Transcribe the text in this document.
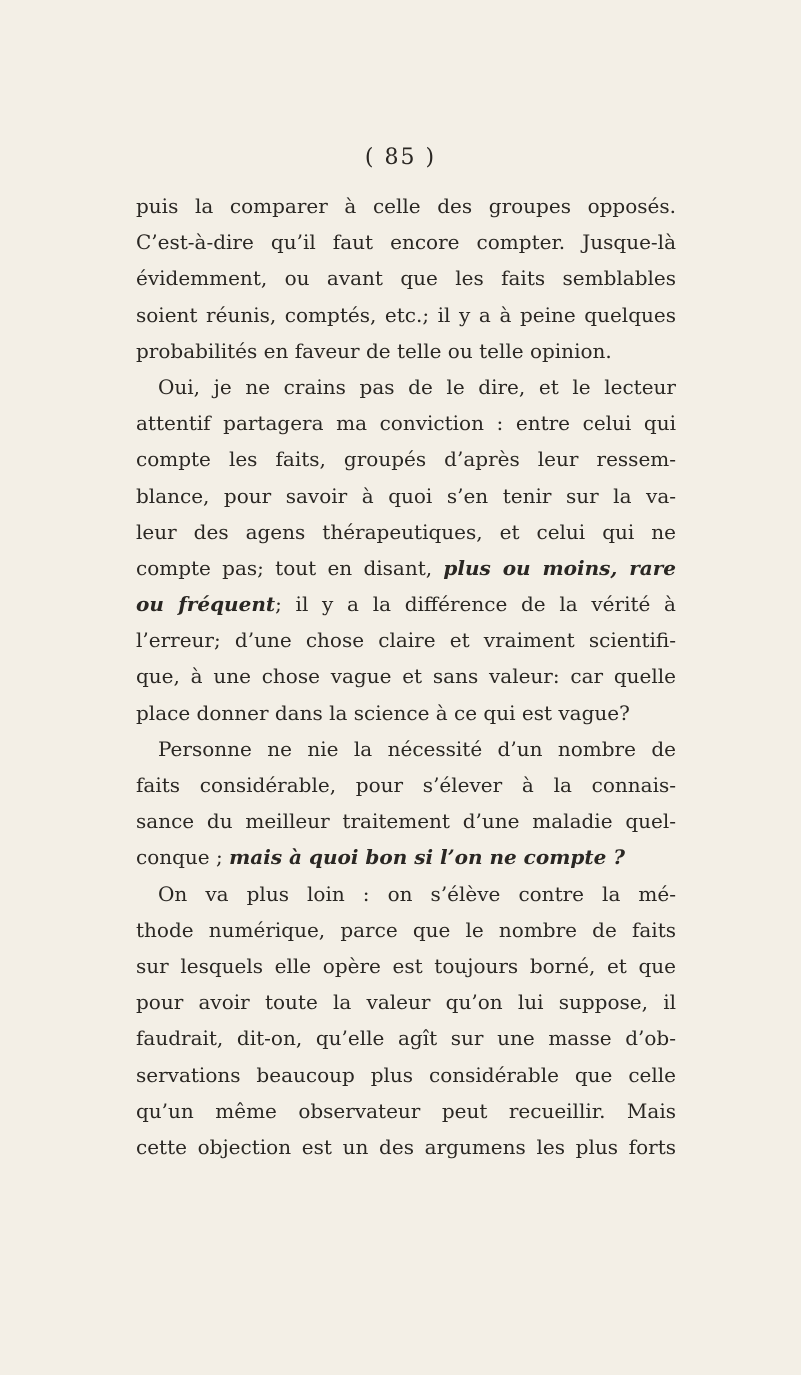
( 85 )
puis la comparer à celle des groupes opposés.
C’est-à-dire qu’il faut encore compter. Jusque-là
évidemment, ou avant que les faits semblables
soient réunis, comptés, etc.; il y a à peine quelques
probabilités en faveur de telle ou telle opinion.
Oui, je ne crains pas de le dire, et le lecteur
attentif partagera ma conviction : entre celui qui
compte les faits, groupés d’après leur ressem-
blance, pour savoir à quoi s’en tenir sur la va-
leur des agens thérapeutiques, et celui qui ne
compte pas; tout en disant, plus ou moins, rare
ou fréquent; il y a la différence de la vérité à
l’erreur; d’une chose claire et vraiment scientifi-
que, à une chose vague et sans valeur: car quelle
place donner dans la science à ce qui est vague?
Personne ne nie la nécessité d’un nombre de
faits considérable, pour s’élever à la connais-
sance du meilleur traitement d’une maladie quel-
conque ; mais à quoi bon si l’on ne compte ?
On va plus loin : on s’élève contre la mé-
thode numérique, parce que le nombre de faits
sur lesquels elle opère est toujours borné, et que
pour avoir toute la valeur qu’on lui suppose, il
faudrait, dit-on, qu’elle agît sur une masse d’ob-
servations beaucoup plus considérable que celle
qu’un même observateur peut recueillir. Mais
cette objection est un des argumens les plus forts
